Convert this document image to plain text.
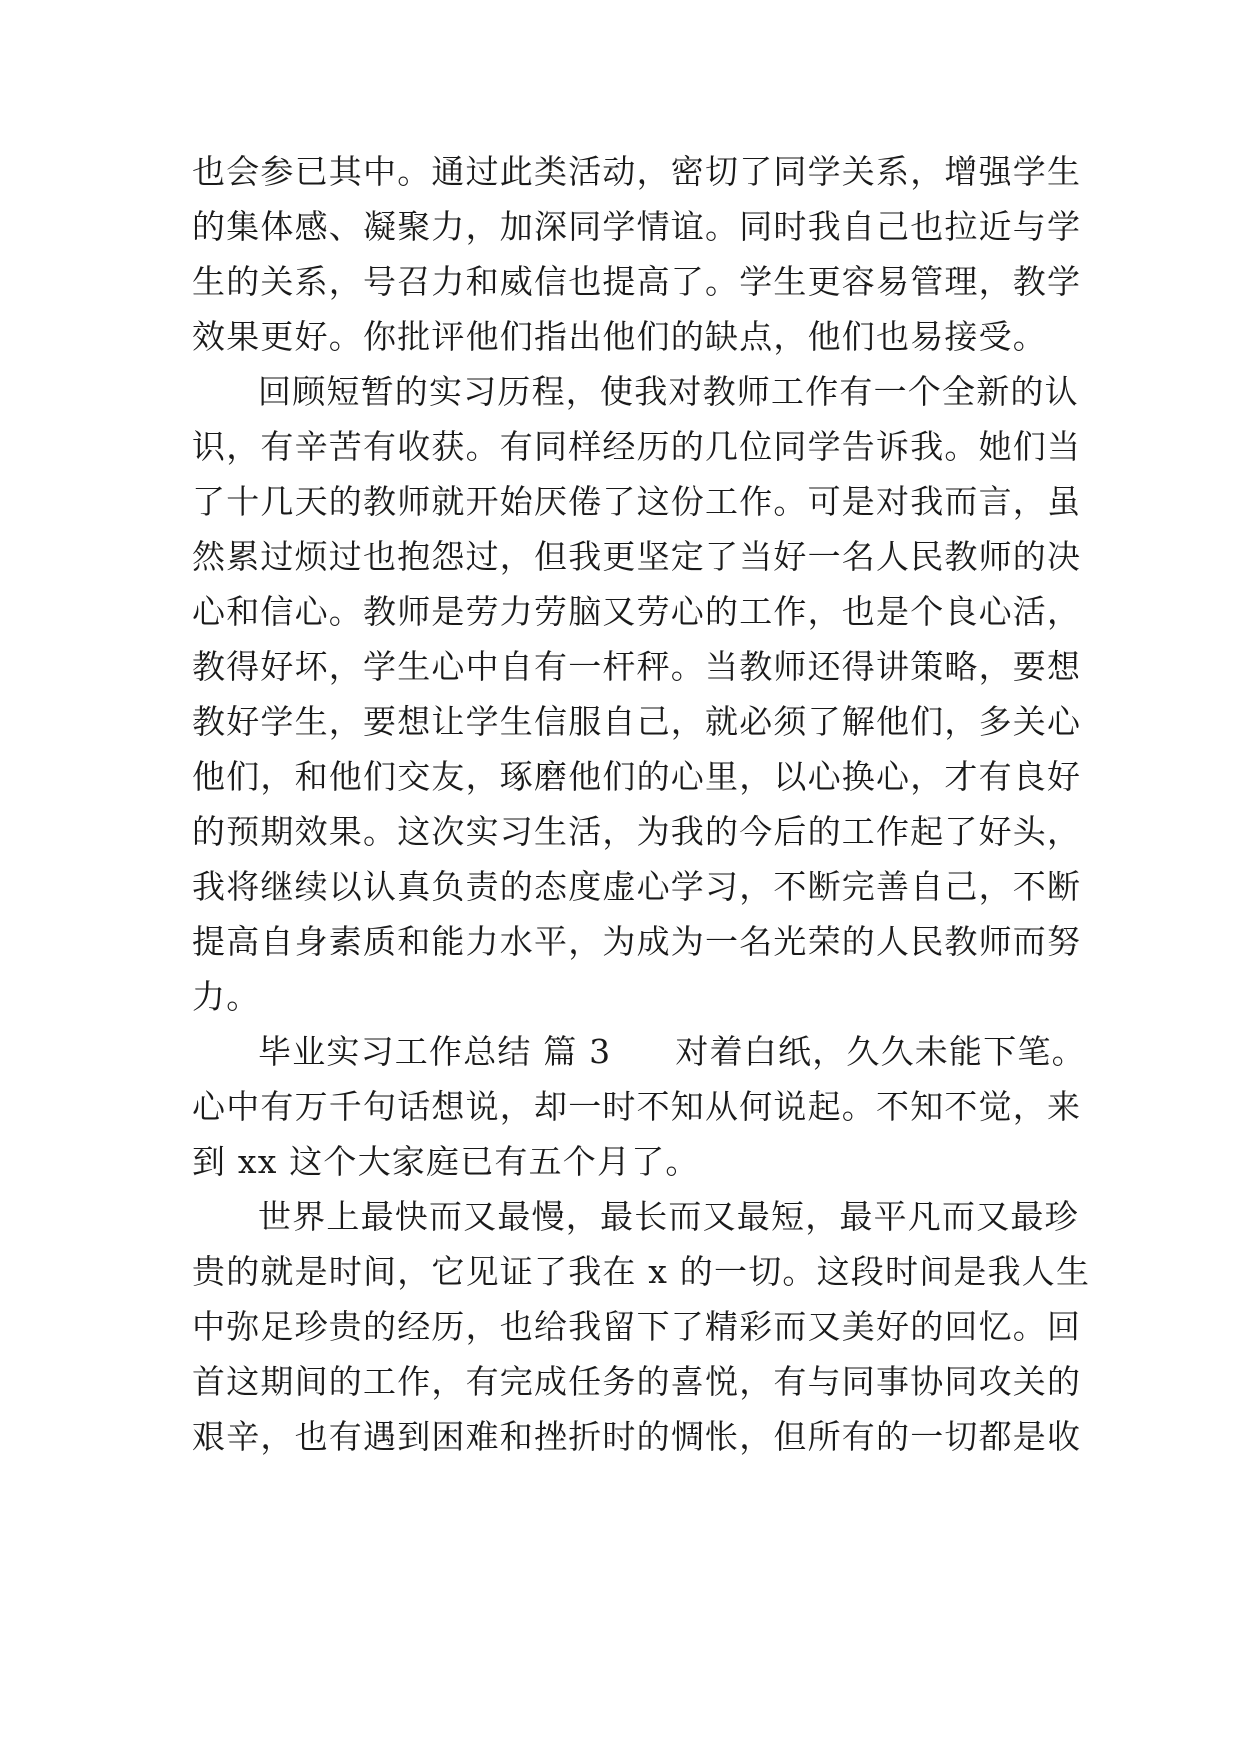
也会参已其中。通过此类活动，密切了同学关系，增强学生
的集体感、凝聚力，加深同学情谊。同时我自己也拉近与学
生的关系，号召力和威信也提高了。学生更容易管理，教学
效果更好。你批评他们指出他们的缺点，他们也易接受。
回顾短暂的实习历程，使我对教师工作有一个全新的认
识，有辛苦有收获。有同样经历的几位同学告诉我。她们当
了十几天的教师就开始厌倦了这份工作。可是对我而言，虽
然累过烦过也抱怨过，但我更坚定了当好一名人民教师的决
心和信心。教师是劳力劳脑又劳心的工作，也是个良心活，
教得好坏，学生心中自有一杆秤。当教师还得讲策略，要想
教好学生，要想让学生信服自己，就必须了解他们，多关心
他们，和他们交友，琢磨他们的心里，以心换心，才有良好
的预期效果。这次实习生活，为我的今后的工作起了好头，
我将继续以认真负责的态度虚心学习，不断完善自己，不断
提高自身素质和能力水平，为成为一名光荣的人民教师而努
力。
毕业实习工作总结 篇 3 对着白纸，久久未能下笔。
心中有万千句话想说，却一时不知从何说起。不知不觉，来
到 xx 这个大家庭已有五个月了。
世界上最快而又最慢，最长而又最短，最平凡而又最珍
贵的就是时间，它见证了我在 x 的一切。这段时间是我人生
中弥足珍贵的经历，也给我留下了精彩而又美好的回忆。回
首这期间的工作，有完成任务的喜悦，有与同事协同攻关的
艰辛，也有遇到困难和挫折时的惆怅，但所有的一切都是收
